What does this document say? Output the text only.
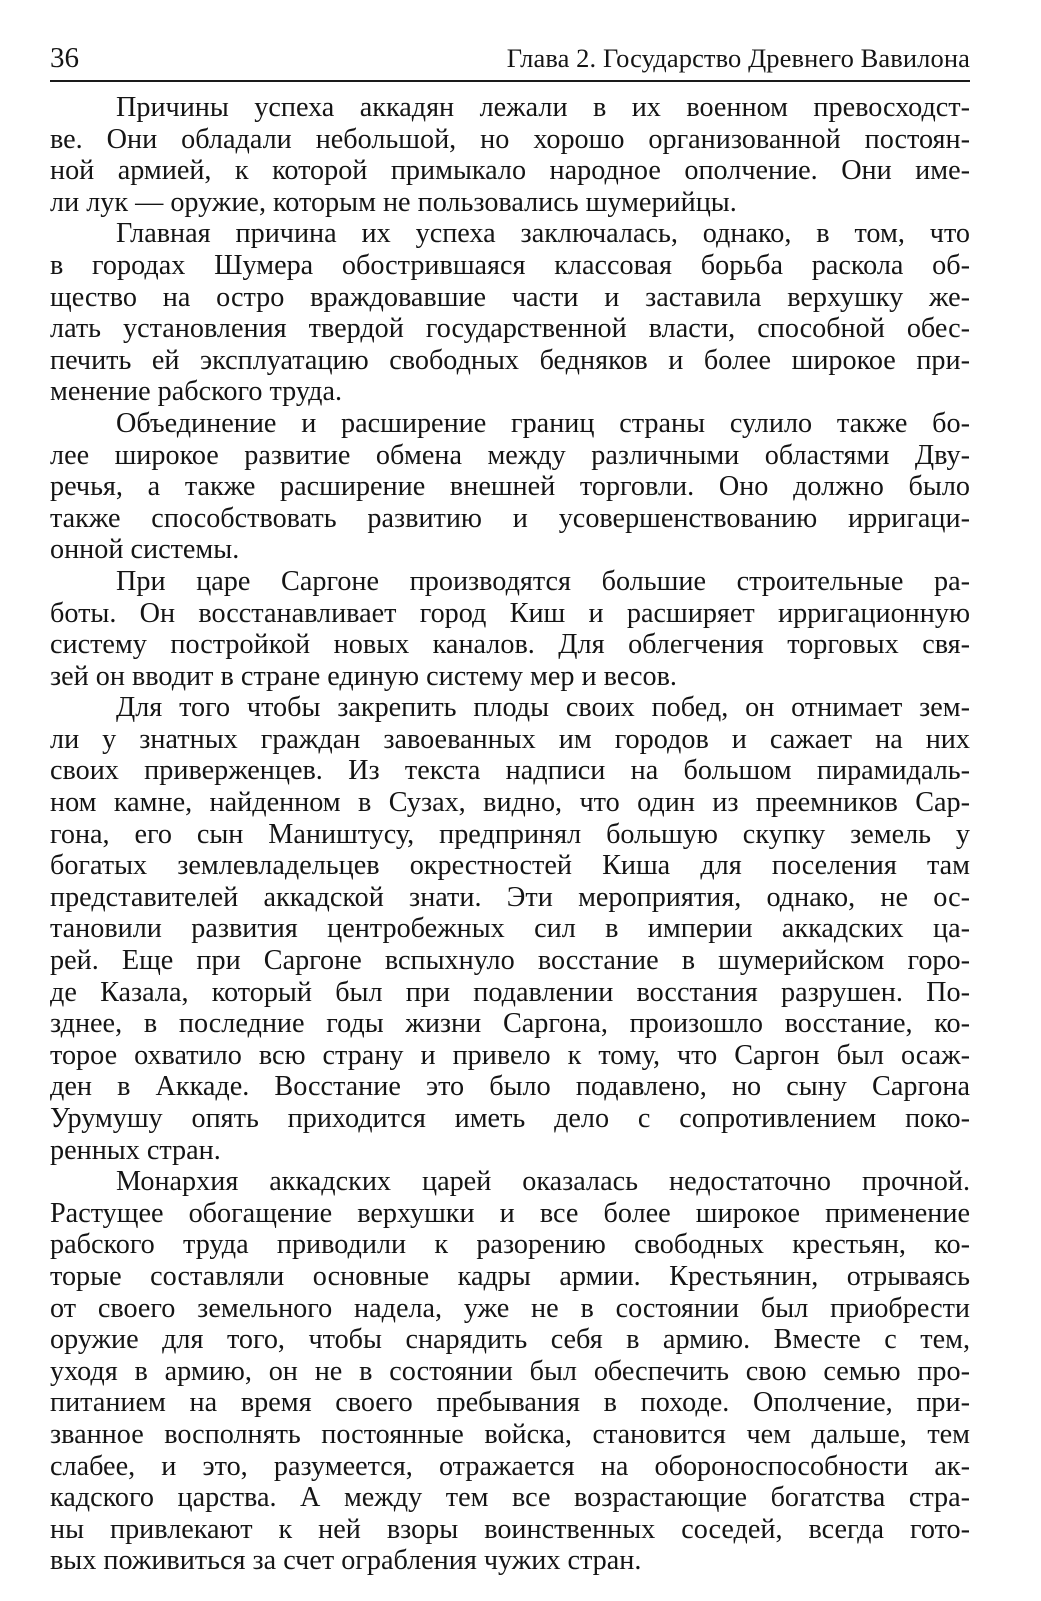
36	Глава 2. Государство Древнего Вавилона

Причины успеха аккадян лежали в их военном превосходст-
ве. Они обладали небольшой, но хорошо организованной постоян-
ной армией, к которой примыкало народное ополчение. Они име-
ли лук — оружие, которым не пользовались шумерийцы.

Главная причина их успеха заключалась, однако, в том, что
в городах Шумера обострившаяся классовая борьба раскола об-
щество на остро враждовавшие части и заставила верхушку же-
лать установления твердой государственной власти, способной обес-
печить ей эксплуатацию свободных бедняков и более широкое при-
менение рабского труда.

Объединение и расширение границ страны сулило также бо-
лее широкое развитие обмена между различными областями Дву-
речья, а также расширение внешней торговли. Оно должно было
также способствовать развитию и усовершенствованию ирригаци-
онной системы.

При царе Саргоне производятся большие строительные ра-
боты. Он восстанавливает город Киш и расширяет ирригационную
систему постройкой новых каналов. Для облегчения торговых свя-
зей он вводит в стране единую систему мер и весов.

Для того чтобы закрепить плоды своих побед, он отнимает зем-
ли у знатных граждан завоеванных им городов и сажает на них
своих приверженцев. Из текста надписи на большом пирамидаль-
ном камне, найденном в Сузах, видно, что один из преемников Сар-
гона, его сын Маништусу, предпринял большую скупку земель у
богатых землевладельцев окрестностей Киша для поселения там
представителей аккадской знати. Эти мероприятия, однако, не ос-
тановили развития центробежных сил в империи аккадских ца-
рей. Еще при Саргоне вспыхнуло восстание в шумерийском горо-
де Казала, который был при подавлении восстания разрушен. По-
зднее, в последние годы жизни Саргона, произошло восстание, ко-
торое охватило всю страну и привело к тому, что Саргон был осаж-
ден в Аккаде. Восстание это было подавлено, но сыну Саргона
Урумушу опять приходится иметь дело с сопротивлением поко-
ренных стран.

Монархия аккадских царей оказалась недостаточно прочной.
Растущее обогащение верхушки и все более широкое применение
рабского труда приводили к разорению свободных крестьян, ко-
торые составляли основные кадры армии. Крестьянин, отрываясь
от своего земельного надела, уже не в состоянии был приобрести
оружие для того, чтобы снарядить себя в армию. Вместе с тем,
уходя в армию, он не в состоянии был обеспечить свою семью про-
питанием на время своего пребывания в походе. Ополчение, при-
званное восполнять постоянные войска, становится чем дальше, тем
слабее, и это, разумеется, отражается на обороноспособности ак-
кадского царства. А между тем все возрастающие богатства стра-
ны привлекают к ней взоры воинственных соседей, всегда гото-
вых поживиться за счет ограбления чужих стран.
